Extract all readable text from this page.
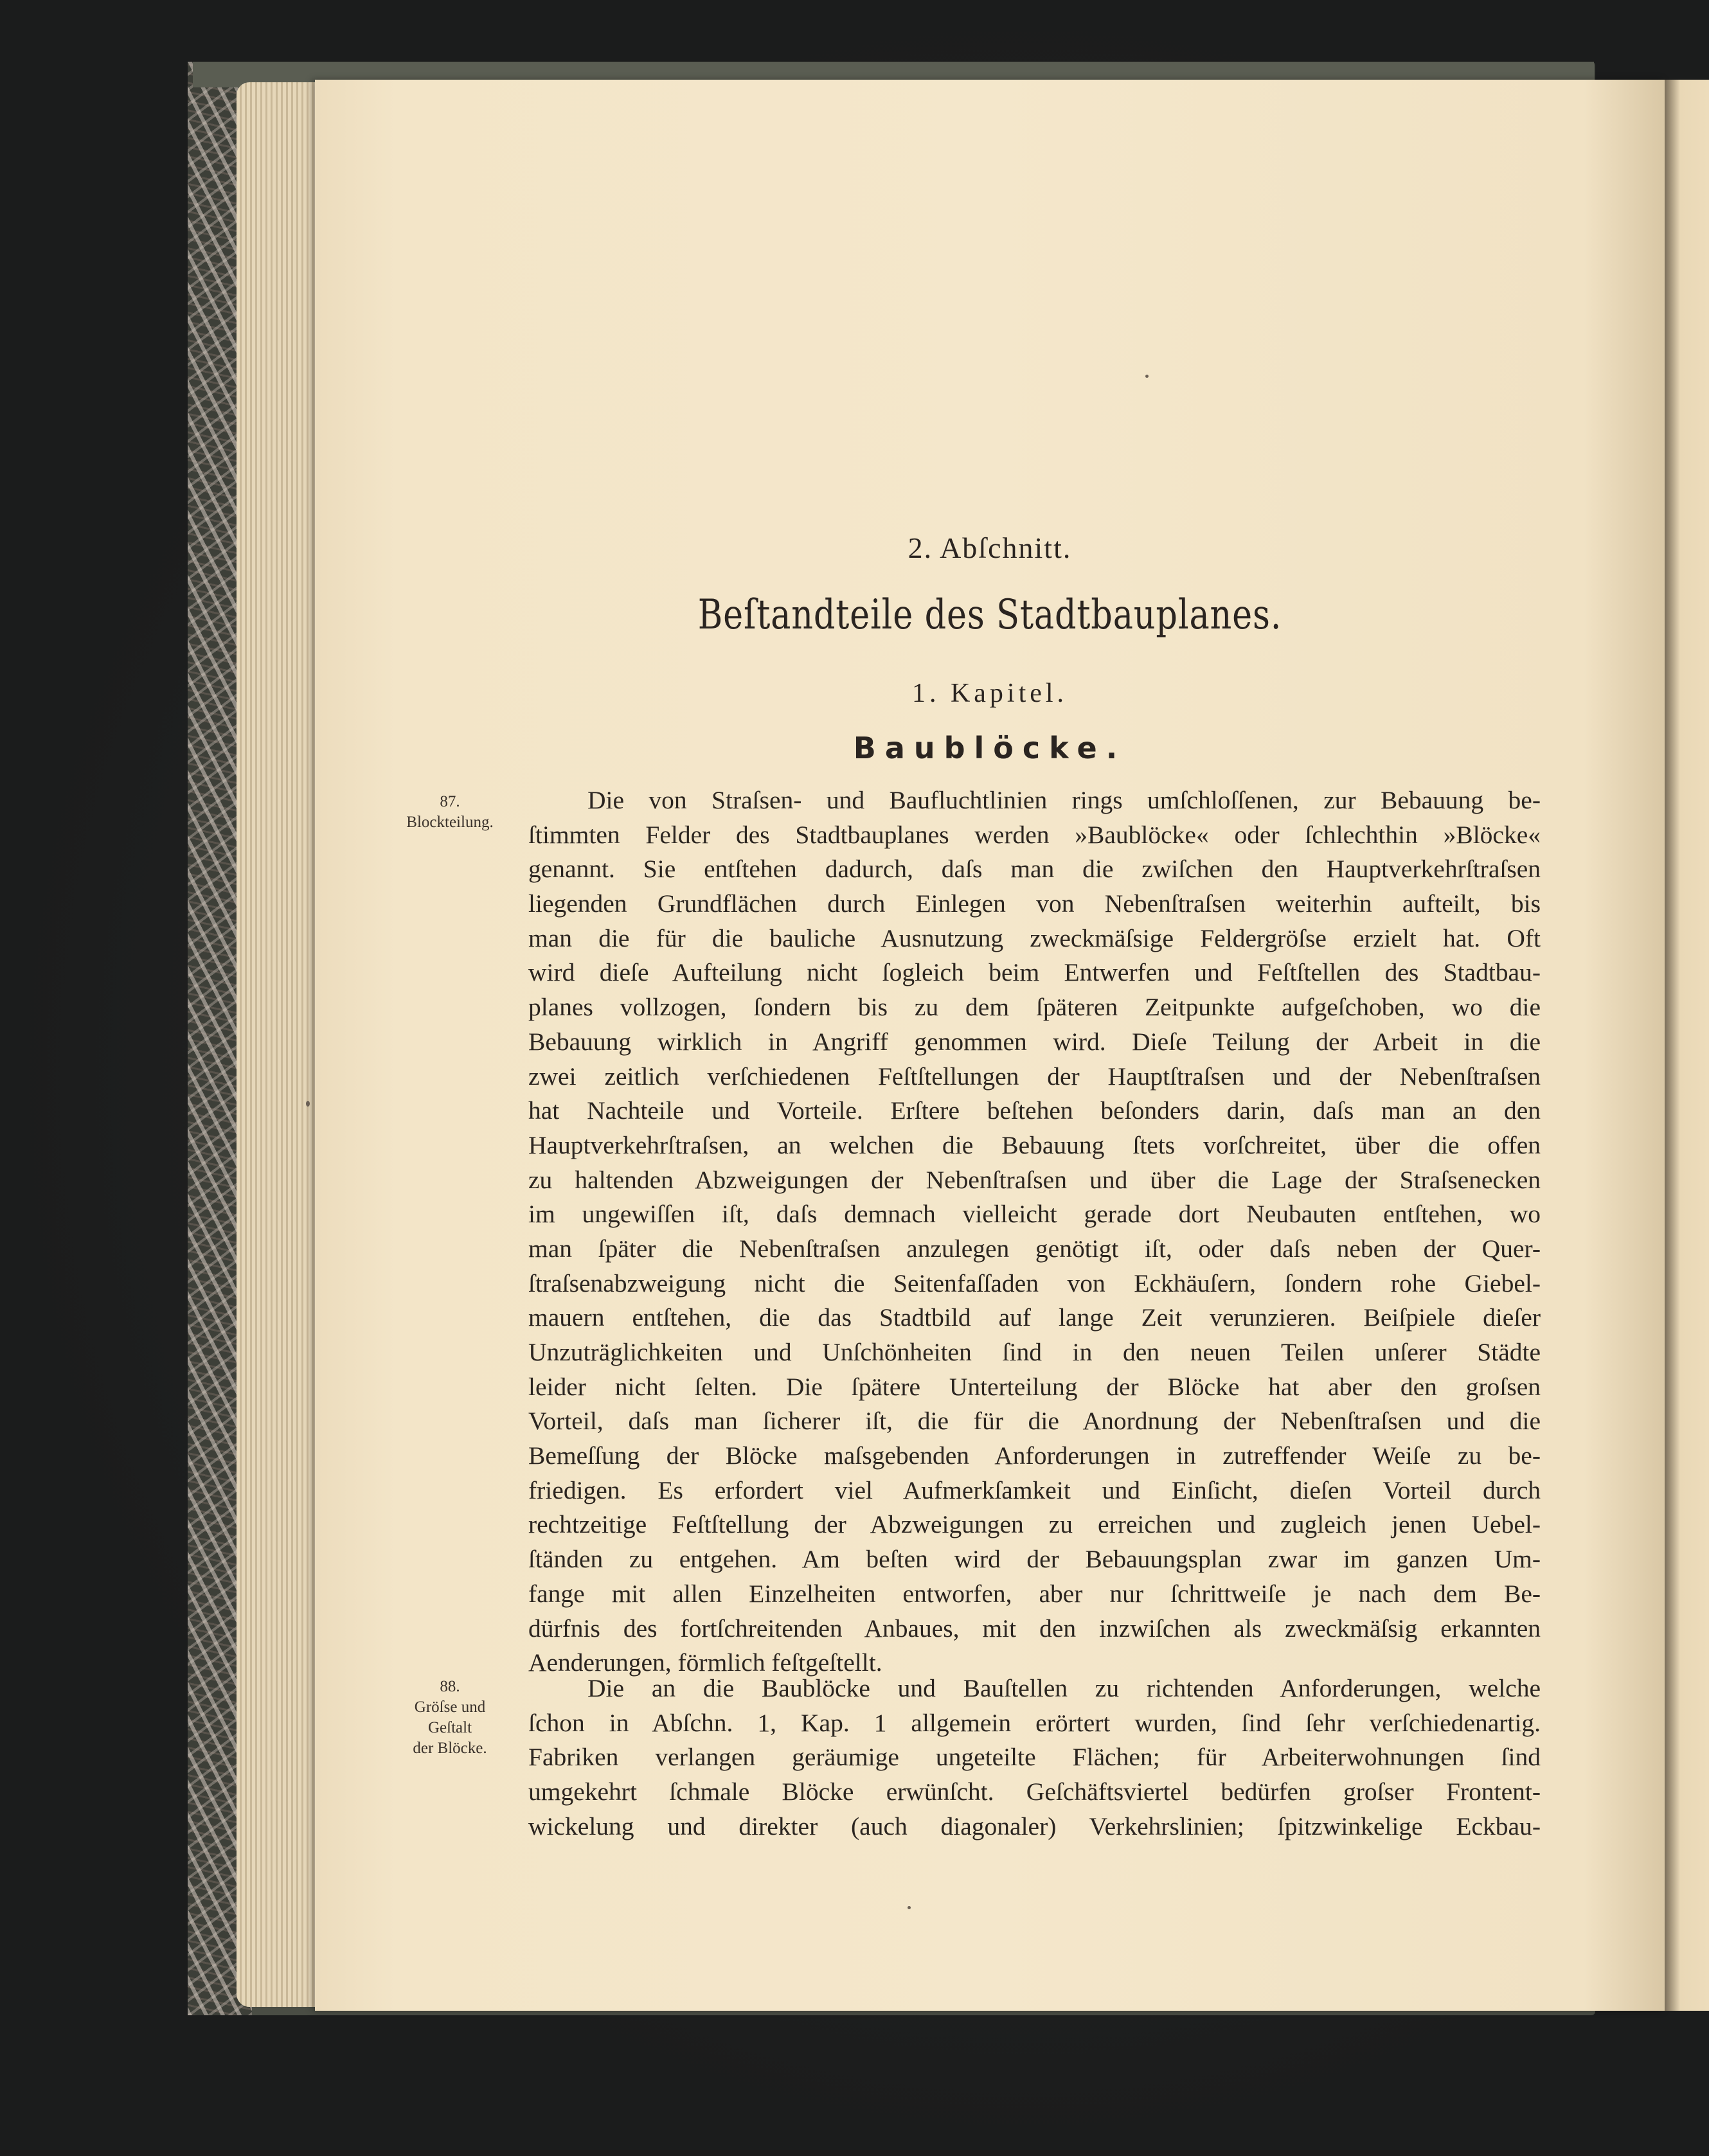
2. Abſchnitt.
Beſtandteile des Stadtbauplanes.
1. Kapitel.
Baublöcke.
87.
Blockteilung.
88.
Gröſse und
Geſtalt
der Blöcke.
Die von Straſsen- und Baufluchtlinien rings umſchloſſenen, zur Bebauung be-
ſtimmten Felder des Stadtbauplanes werden »Baublöcke« oder ſchlechthin »Blöcke«
genannt. Sie entſtehen dadurch, daſs man die zwiſchen den Hauptverkehrſtraſsen
liegenden Grundflächen durch Einlegen von Nebenſtraſsen weiterhin aufteilt, bis
man die für die bauliche Ausnutzung zweckmäſsige Feldergröſse erzielt hat. Oft
wird dieſe Aufteilung nicht ſogleich beim Entwerfen und Feſtſtellen des Stadtbau-
planes vollzogen, ſondern bis zu dem ſpäteren Zeitpunkte aufgeſchoben, wo die
Bebauung wirklich in Angriff genommen wird. Dieſe Teilung der Arbeit in die
zwei zeitlich verſchiedenen Feſtſtellungen der Hauptſtraſsen und der Nebenſtraſsen
hat Nachteile und Vorteile. Erſtere beſtehen beſonders darin, daſs man an den
Hauptverkehrſtraſsen, an welchen die Bebauung ſtets vorſchreitet, über die offen
zu haltenden Abzweigungen der Nebenſtraſsen und über die Lage der Straſsenecken
im ungewiſſen iſt, daſs demnach vielleicht gerade dort Neubauten entſtehen, wo
man ſpäter die Nebenſtraſsen anzulegen genötigt iſt, oder daſs neben der Quer-
ſtraſsenabzweigung nicht die Seitenfaſſaden von Eckhäuſern, ſondern rohe Giebel-
mauern entſtehen, die das Stadtbild auf lange Zeit verunzieren. Beiſpiele dieſer
Unzuträglichkeiten und Unſchönheiten ſind in den neuen Teilen unſerer Städte
leider nicht ſelten. Die ſpätere Unterteilung der Blöcke hat aber den groſsen
Vorteil, daſs man ſicherer iſt, die für die Anordnung der Nebenſtraſsen und die
Bemeſſung der Blöcke maſsgebenden Anforderungen in zutreffender Weiſe zu be-
friedigen. Es erfordert viel Aufmerkſamkeit und Einſicht, dieſen Vorteil durch
rechtzeitige Feſtſtellung der Abzweigungen zu erreichen und zugleich jenen Uebel-
ſtänden zu entgehen. Am beſten wird der Bebauungsplan zwar im ganzen Um-
fange mit allen Einzelheiten entworfen, aber nur ſchrittweiſe je nach dem Be-
dürfnis des fortſchreitenden Anbaues, mit den inzwiſchen als zweckmäſsig erkannten
Aenderungen, förmlich feſtgeſtellt.
Die an die Baublöcke und Bauſtellen zu richtenden Anforderungen, welche
ſchon in Abſchn. 1, Kap. 1 allgemein erörtert wurden, ſind ſehr verſchiedenartig.
Fabriken verlangen geräumige ungeteilte Flächen; für Arbeiterwohnungen ſind
umgekehrt ſchmale Blöcke erwünſcht. Geſchäftsviertel bedürfen groſser Frontent-
wickelung und direkter (auch diagonaler) Verkehrslinien; ſpitzwinkelige Eckbau-
